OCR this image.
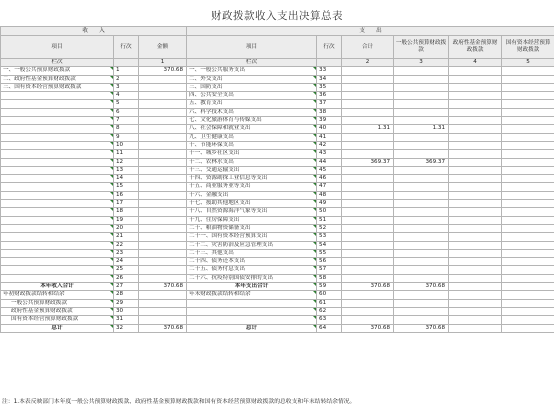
财政拨款收入支出决算总表
收　　入			支　　出					
项目	行次	金额	项目	行次	合计	一般公共预算财政拨款	政府性基金预算财政拨款	国有资本经营预算财政拨款
栏次		1	栏次		2	3	4	5
一、一般公共预算财政拨款	1	370.68	一、一般公共服务支出	33				
二、政府性基金预算财政拨款	2		二、外交支出	34				
三、国有资本经营预算财政拨款	3		三、国防支出	35				
	4		四、公共安全支出	36				
	5		五、教育支出	37				
	6		六、科学技术支出	38				
	7		七、文化旅游体育与传媒支出	39				
	8		八、社会保障和就业支出	40	1.31	1.31		
	9		九、卫生健康支出	41				
	10		十、节能环保支出	42				
	11		十一、城乡社区支出	43				
	12		十二、农林水支出	44	369.37	369.37		
	13		十三、交通运输支出	45				
	14		十四、资源勘探工业信息等支出	46				
	15		十五、商业服务业等支出	47				
	16		十六、金融支出	48				
	17		十七、援助其他地区支出	49				
	18		十八、自然资源海洋气象等支出	50				
	19		十九、住房保障支出	51				
	20		二十、粮油物资储备支出	52				
	21		二十一、国有资本经营预算支出	53				
	22		二十二、灾害防治及应急管理支出	54				
	23		二十三、其他支出	55				
	24		二十四、债务还本支出	56				
	25		二十五、债务付息支出	57				
	26		二十六、抗疫特别国债安排的支出	58				
本年收入合计	27	370.68	本年支出合计	59	370.68	370.68		
年初财政拨款结转和结余	28		年末财政拨款结转和结余	60				
一般公共预算财政拨款	29			61				
政府性基金预算财政拨款	30			62				
国有资本经营预算财政拨款	31			63				
总计	32	370.68	总计	64	370.68	370.68		
注：1.本表反映部门本年度一般公共预算财政拨款、政府性基金预算财政拨款和国有资本经营预算财政拨款的总收支和年末结转结余情况。
